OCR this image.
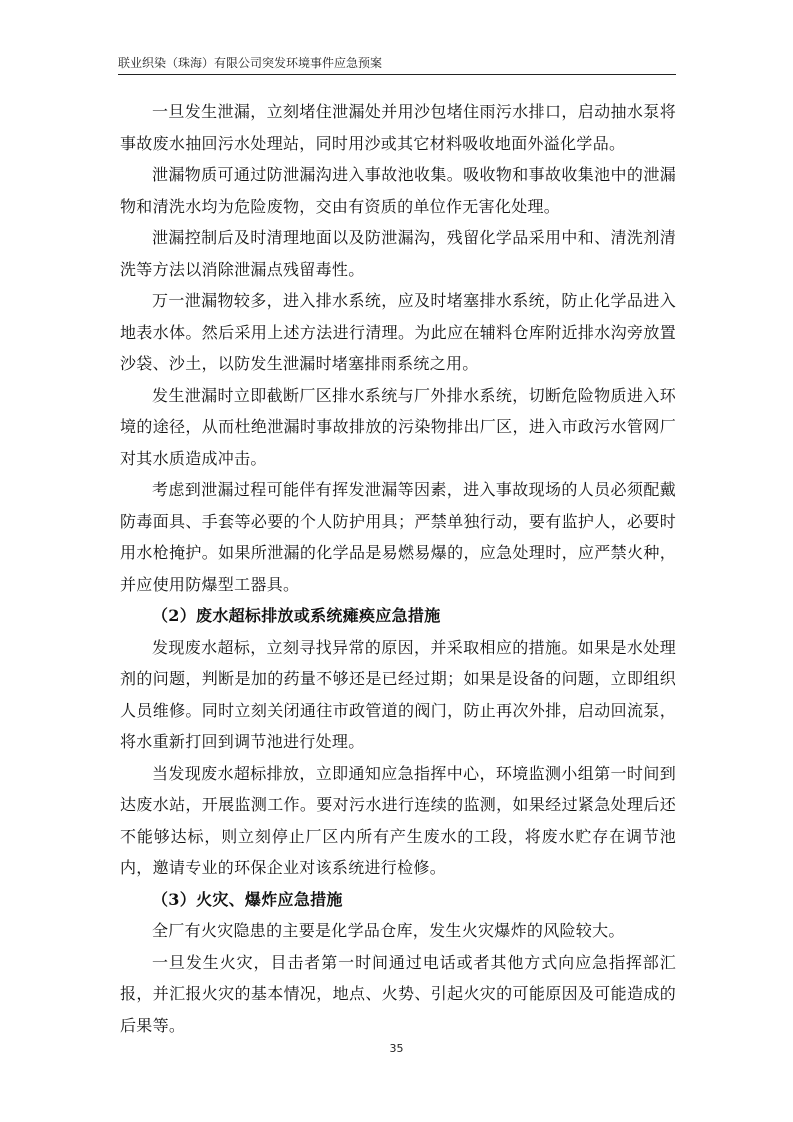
联业织染（珠海）有限公司突发环境事件应急预案

一旦发生泄漏，立刻堵住泄漏处并用沙包堵住雨污水排口，启动抽水泵将事故废水抽回污水处理站，同时用沙或其它材料吸收地面外溢化学品。

泄漏物质可通过防泄漏沟进入事故池收集。吸收物和事故收集池中的泄漏物和清洗水均为危险废物，交由有资质的单位作无害化处理。

泄漏控制后及时清理地面以及防泄漏沟，残留化学品采用中和、清洗剂清洗等方法以消除泄漏点残留毒性。

万一泄漏物较多，进入排水系统，应及时堵塞排水系统，防止化学品进入地表水体。然后采用上述方法进行清理。为此应在辅料仓库附近排水沟旁放置沙袋、沙土，以防发生泄漏时堵塞排雨系统之用。

发生泄漏时立即截断厂区排水系统与厂外排水系统，切断危险物质进入环境的途径，从而杜绝泄漏时事故排放的污染物排出厂区，进入市政污水管网厂对其水质造成冲击。

考虑到泄漏过程可能伴有挥发泄漏等因素，进入事故现场的人员必须配戴防毒面具、手套等必要的个人防护用具；严禁单独行动，要有监护人，必要时用水枪掩护。如果所泄漏的化学品是易燃易爆的，应急处理时，应严禁火种，并应使用防爆型工器具。

（2）废水超标排放或系统瘫痪应急措施

发现废水超标，立刻寻找异常的原因，并采取相应的措施。如果是水处理剂的问题，判断是加的药量不够还是已经过期；如果是设备的问题，立即组织人员维修。同时立刻关闭通往市政管道的阀门，防止再次外排，启动回流泵，将水重新打回到调节池进行处理。

当发现废水超标排放，立即通知应急指挥中心，环境监测小组第一时间到达废水站，开展监测工作。要对污水进行连续的监测，如果经过紧急处理后还不能够达标，则立刻停止厂区内所有产生废水的工段，将废水贮存在调节池内，邀请专业的环保企业对该系统进行检修。

（3）火灾、爆炸应急措施

全厂有火灾隐患的主要是化学品仓库，发生火灾爆炸的风险较大。

一旦发生火灾，目击者第一时间通过电话或者其他方式向应急指挥部汇报，并汇报火灾的基本情况，地点、火势、引起火灾的可能原因及可能造成的后果等。

35
